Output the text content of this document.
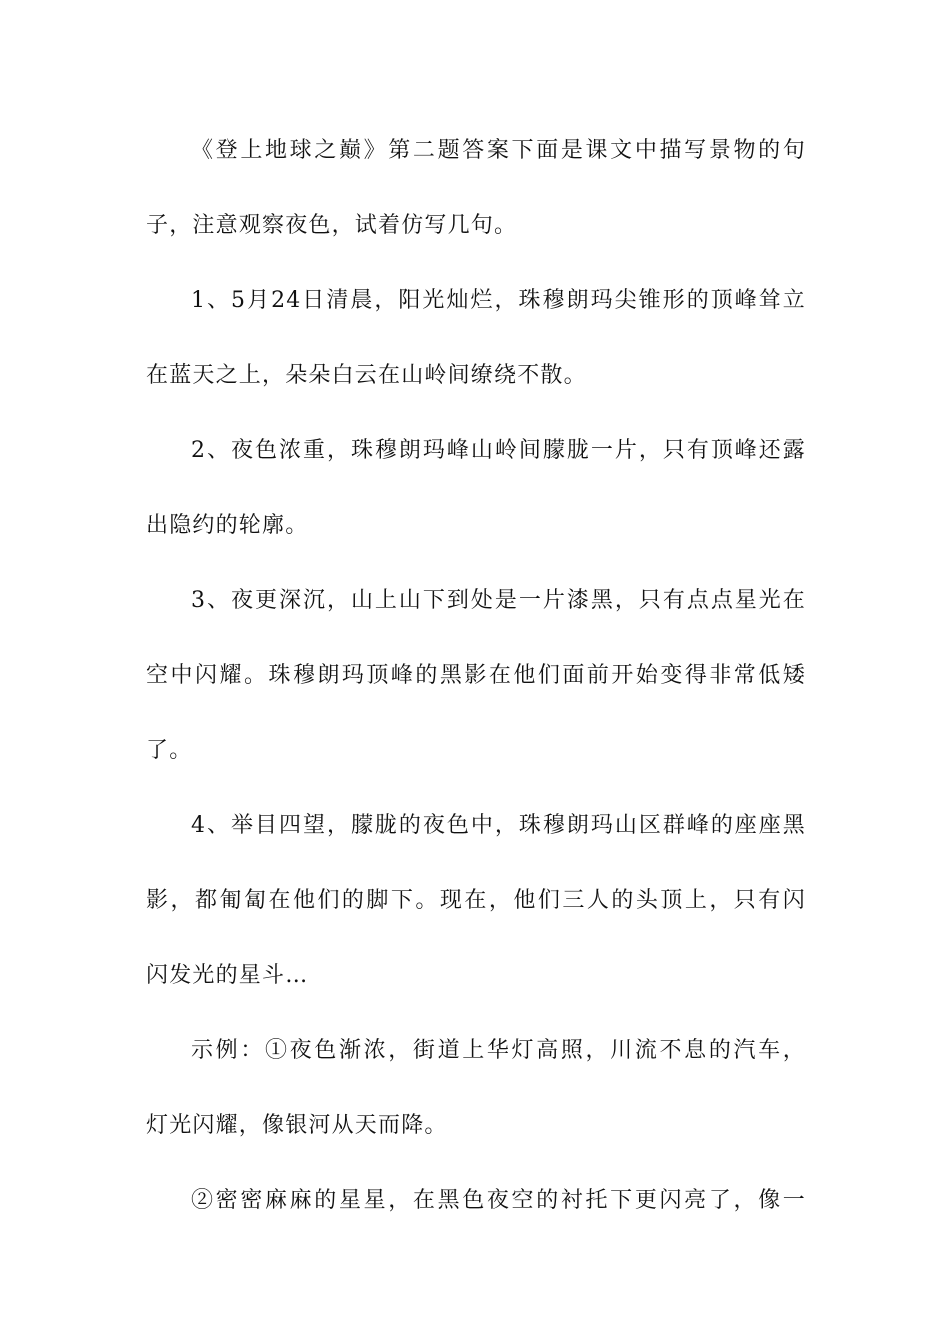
《登上地球之巅》第二题答案下面是课文中描写景物的句
子，注意观察夜色，试着仿写几句。
1、5月24日清晨，阳光灿烂，珠穆朗玛尖锥形的顶峰耸立
在蓝天之上，朵朵白云在山岭间缭绕不散。
2、夜色浓重，珠穆朗玛峰山岭间朦胧一片，只有顶峰还露
出隐约的轮廓。
3、夜更深沉，山上山下到处是一片漆黑，只有点点星光在
空中闪耀。珠穆朗玛顶峰的黑影在他们面前开始变得非常低矮
了。
4、举目四望，朦胧的夜色中，珠穆朗玛山区群峰的座座黑
影，都匍匐在他们的脚下。现在，他们三人的头顶上，只有闪
闪发光的星斗…
示例：①夜色渐浓，街道上华灯高照，川流不息的汽车，
灯光闪耀，像银河从天而降。
②密密麻麻的星星，在黑色夜空的衬托下更闪亮了，像一
